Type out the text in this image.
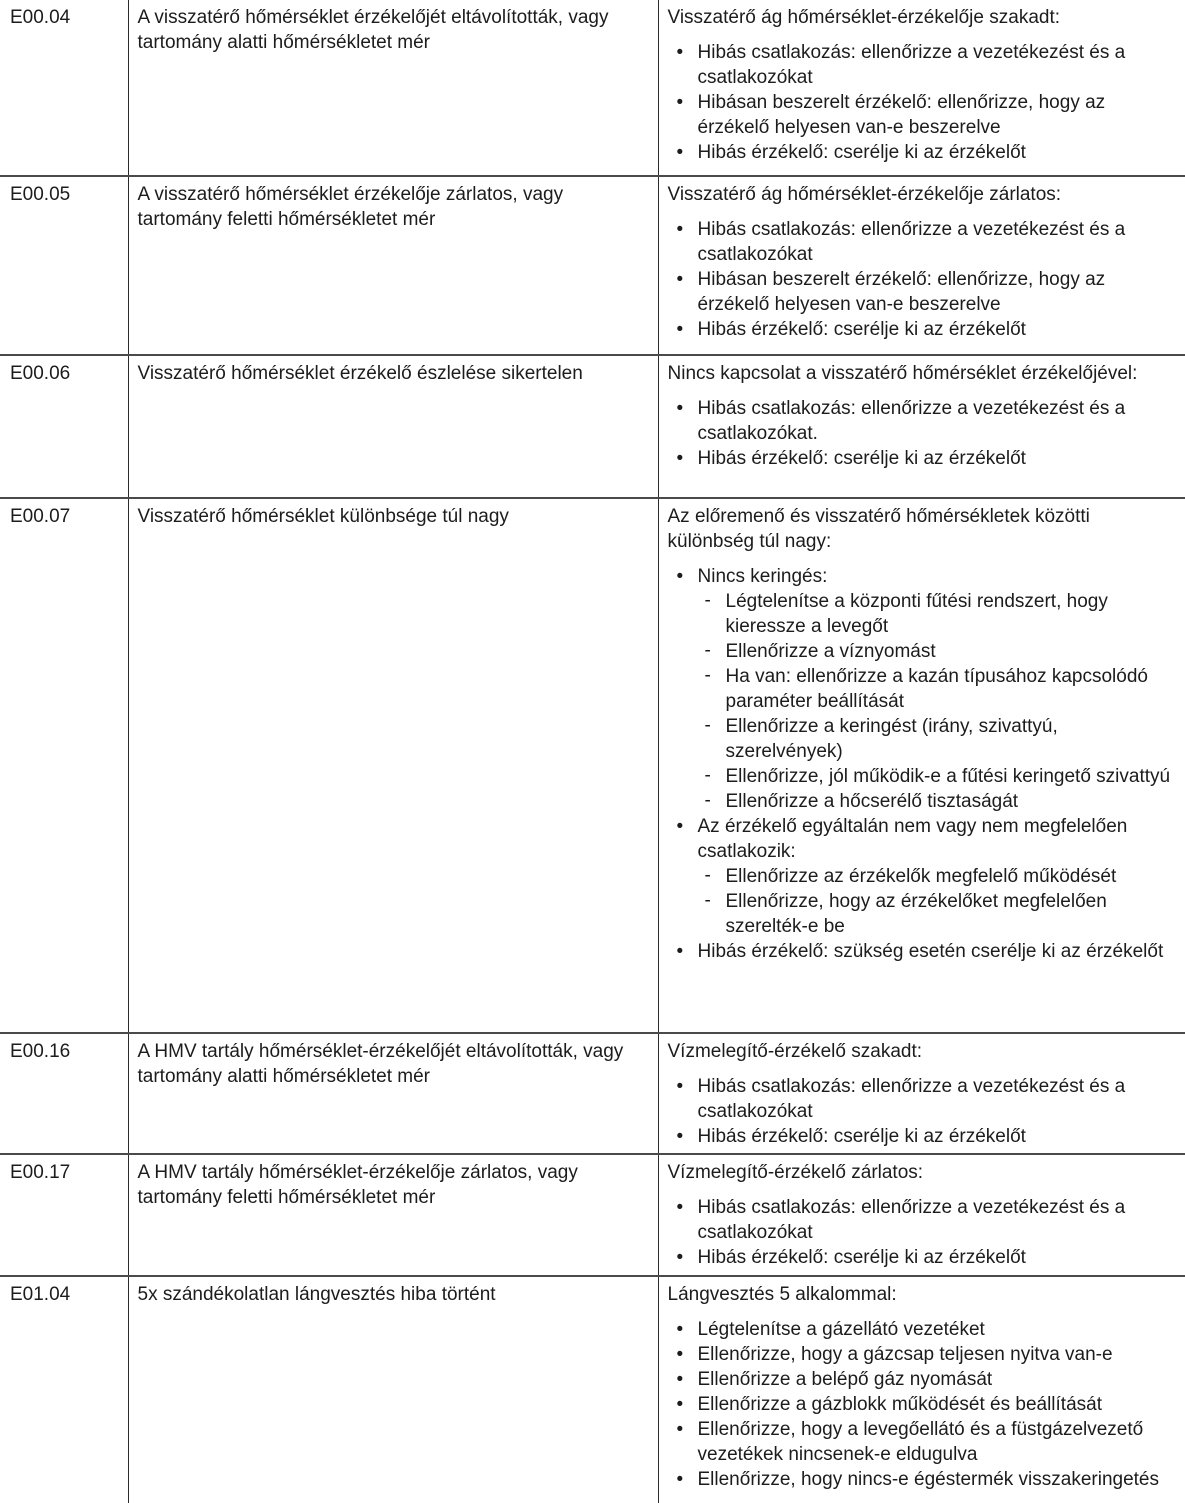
E00.04	A visszatérő hőmérséklet érzékelőjét eltávolították, vagy tartomány alatti hőmérsékletet mér	Visszatérő ág hőmérséklet-érzékelője szakadt:
• Hibás csatlakozás: ellenőrizze a vezetékezést és a csatlakozókat
• Hibásan beszerelt érzékelő: ellenőrizze, hogy az érzékelő helyesen van-e beszerelve
• Hibás érzékelő: cserélje ki az érzékelőt

E00.05	A visszatérő hőmérséklet érzékelője zárlatos, vagy tartomány feletti hőmérsékletet mér	Visszatérő ág hőmérséklet-érzékelője zárlatos:
• Hibás csatlakozás: ellenőrizze a vezetékezést és a csatlakozókat
• Hibásan beszerelt érzékelő: ellenőrizze, hogy az érzékelő helyesen van-e beszerelve
• Hibás érzékelő: cserélje ki az érzékelőt

E00.06	Visszatérő hőmérséklet érzékelő észlelése sikertelen	Nincs kapcsolat a visszatérő hőmérséklet érzékelőjével:
• Hibás csatlakozás: ellenőrizze a vezetékezést és a csatlakozókat.
• Hibás érzékelő: cserélje ki az érzékelőt

E00.07	Visszatérő hőmérséklet különbsége túl nagy	Az előremenő és visszatérő hőmérsékletek közötti különbség túl nagy:
• Nincs keringés:
- Légtelenítse a központi fűtési rendszert, hogy kieressze a levegőt
- Ellenőrizze a víznyomást
- Ha van: ellenőrizze a kazán típusához kapcsolódó paraméter beállítását
- Ellenőrizze a keringést (irány, szivattyú, szerelvények)
- Ellenőrizze, jól működik-e a fűtési keringető szivattyú
- Ellenőrizze a hőcserélő tisztaságát
• Az érzékelő egyáltalán nem vagy nem megfelelően csatlakozik:
- Ellenőrizze az érzékelők megfelelő működését
- Ellenőrizze, hogy az érzékelőket megfelelően szerelték-e be
• Hibás érzékelő: szükség esetén cserélje ki az érzékelőt

E00.16	A HMV tartály hőmérséklet-érzékelőjét eltávolították, vagy tartomány alatti hőmérsékletet mér	Vízmelegítő-érzékelő szakadt:
• Hibás csatlakozás: ellenőrizze a vezetékezést és a csatlakozókat
• Hibás érzékelő: cserélje ki az érzékelőt

E00.17	A HMV tartály hőmérséklet-érzékelője zárlatos, vagy tartomány feletti hőmérsékletet mér	Vízmelegítő-érzékelő zárlatos:
• Hibás csatlakozás: ellenőrizze a vezetékezést és a csatlakozókat
• Hibás érzékelő: cserélje ki az érzékelőt

E01.04	5x szándékolatlan lángvesztés hiba történt	Lángvesztés 5 alkalommal:
• Légtelenítse a gázellátó vezetéket
• Ellenőrizze, hogy a gázcsap teljesen nyitva van-e
• Ellenőrizze a belépő gáz nyomását
• Ellenőrizze a gázblokk működését és beállítását
• Ellenőrizze, hogy a levegőellátó és a füstgázelvezető vezetékek nincsenek-e eldugulva
• Ellenőrizze, hogy nincs-e égéstermék visszakeringetés
